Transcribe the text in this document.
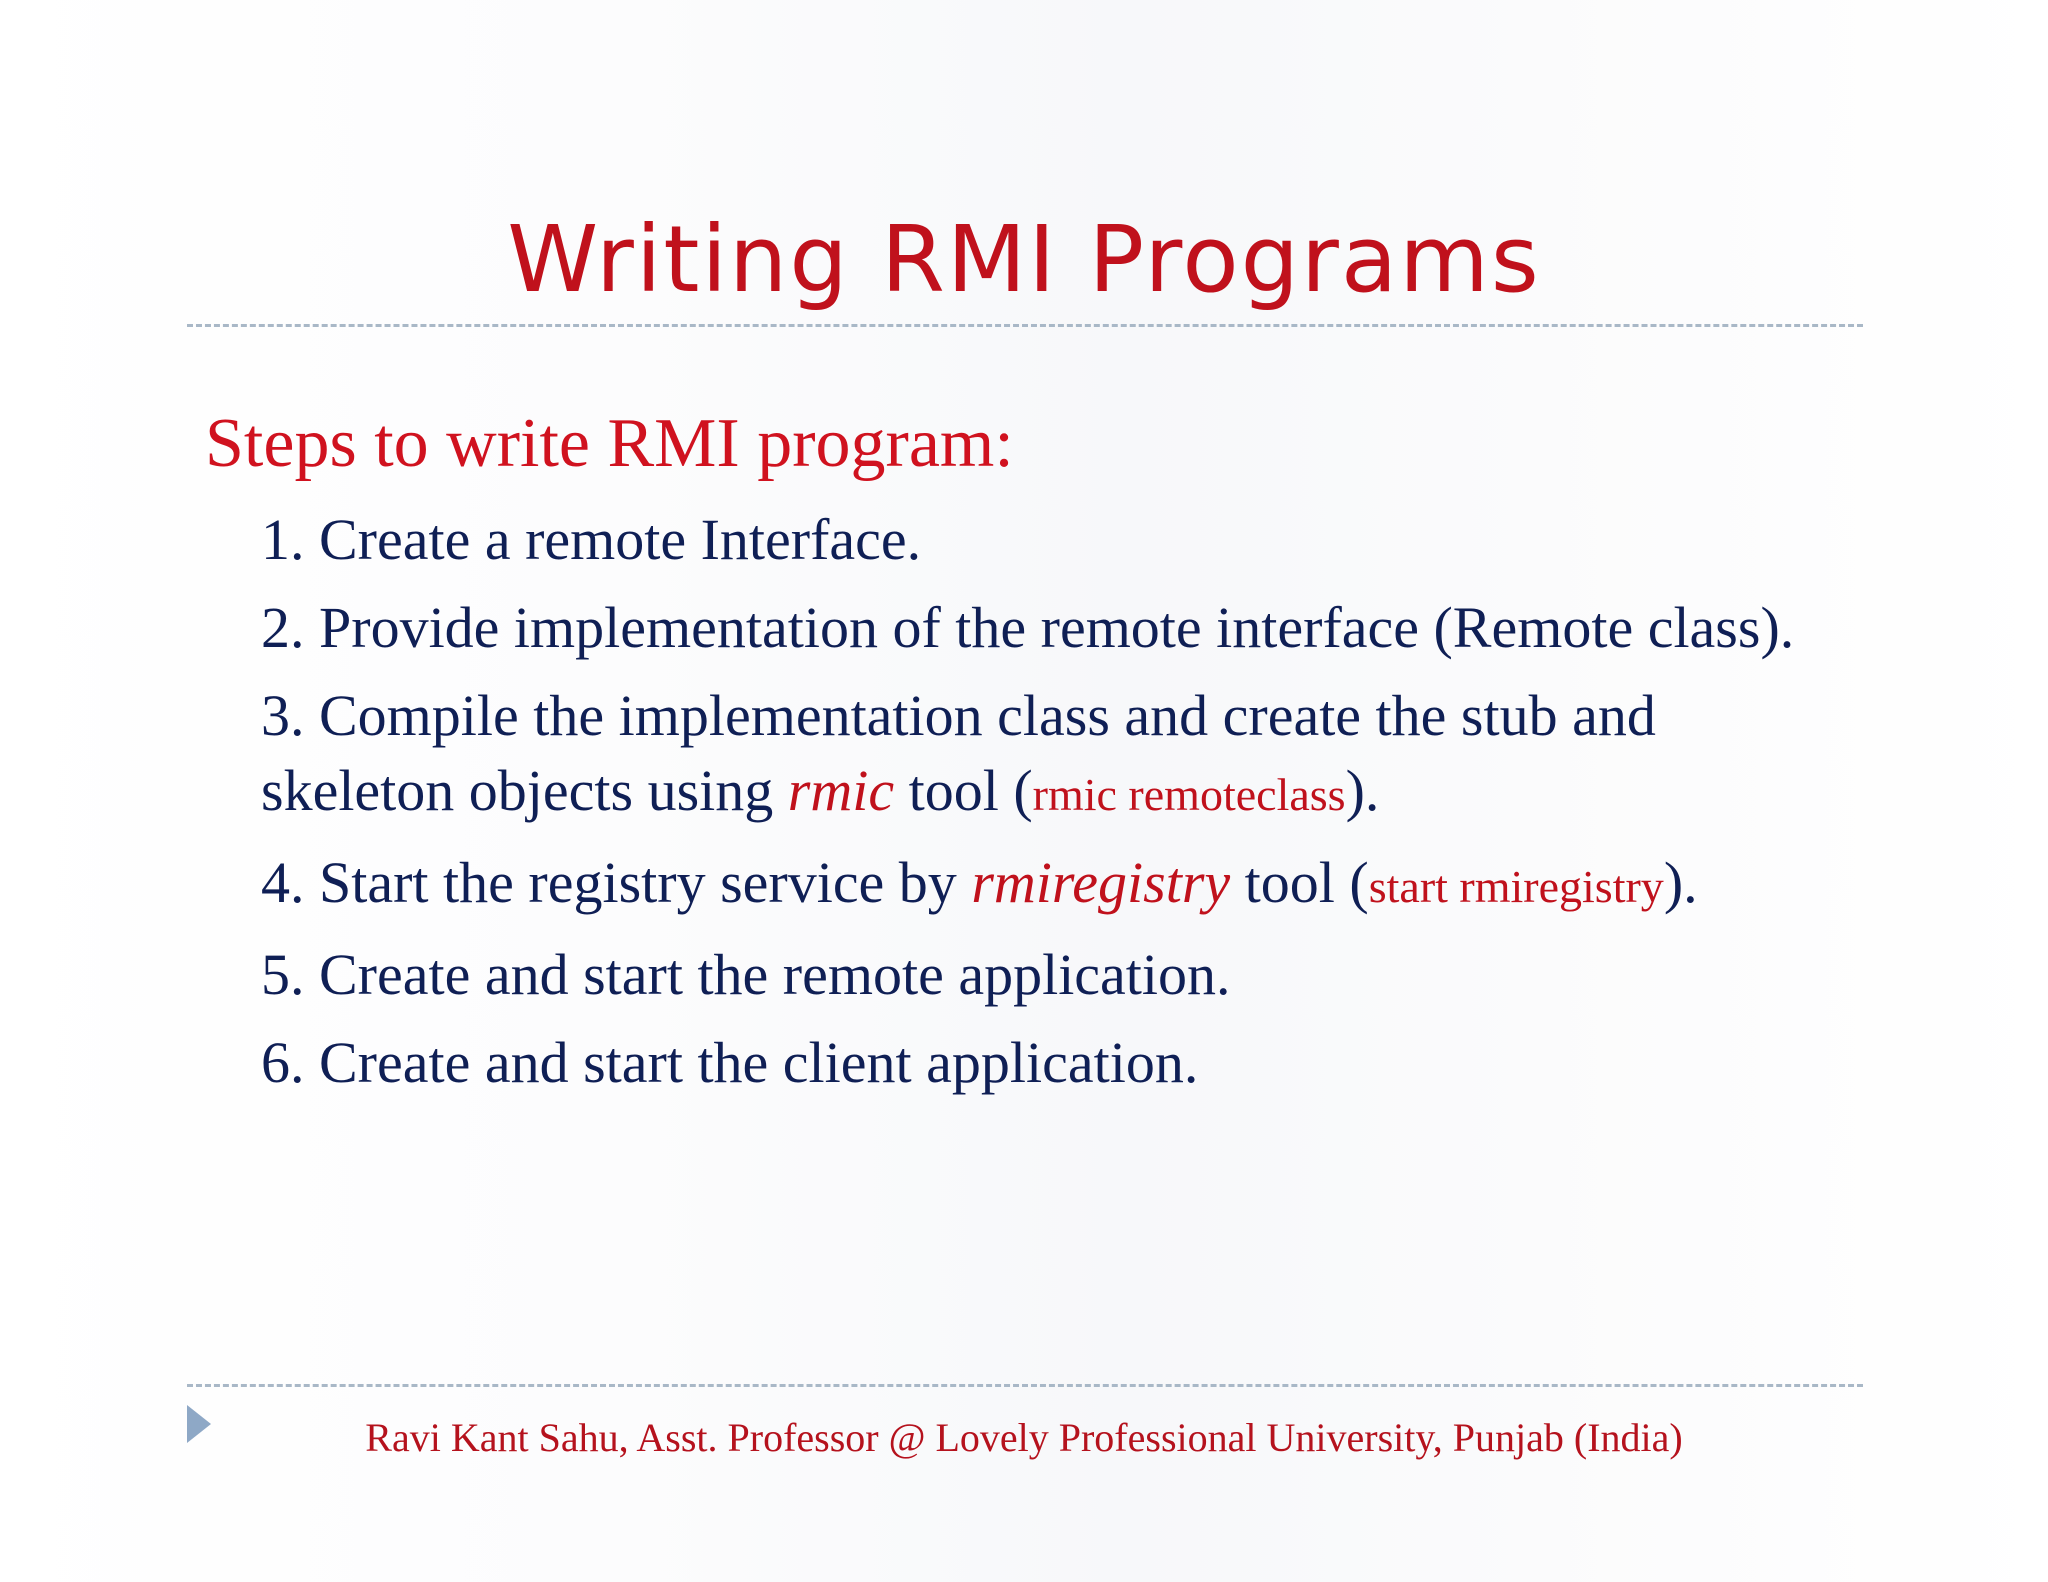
Writing RMI Programs
Steps to write RMI program:
1. Create a remote Interface.
2. Provide implementation of the remote interface (Remote class).
3. Compile the implementation class and create the stub and skeleton objects using rmic tool (rmic remoteclass).
4. Start the registry service by rmiregistry tool (start rmiregistry).
5. Create and start the remote application.
6. Create and start the client application.
Ravi Kant Sahu, Asst. Professor @ Lovely Professional University, Punjab (India)
